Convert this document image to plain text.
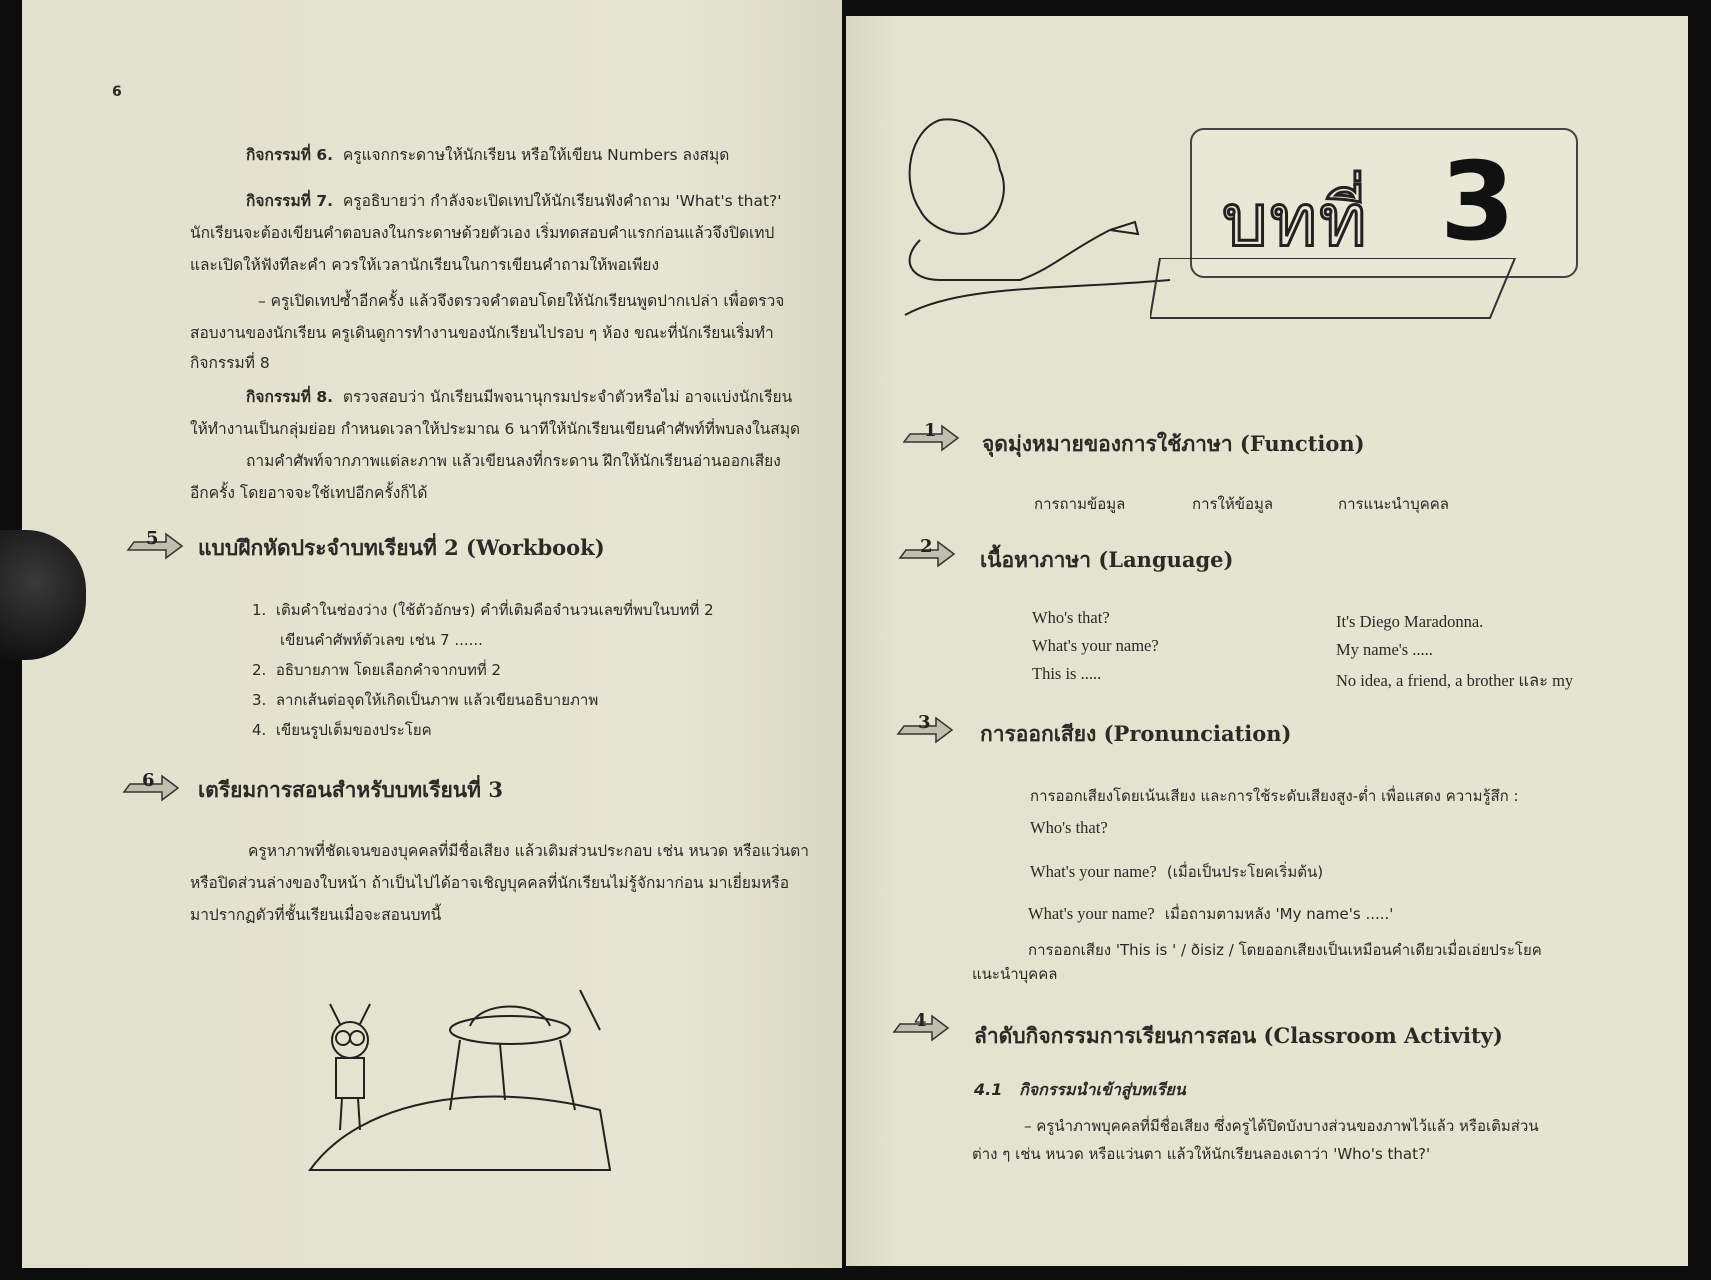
6
กิจกรรมที่ 6. ครูแจกกระดาษให้นักเรียน หรือให้เขียน Numbers ลงสมุด
กิจกรรมที่ 7. ครูอธิบายว่า กำลังจะเปิดเทปให้นักเรียนฟังคำถาม 'What's that?'
นักเรียนจะต้องเขียนคำตอบลงในกระดาษด้วยตัวเอง เริ่มทดสอบคำแรกก่อนแล้วจึงปิดเทป
และเปิดให้ฟังทีละคำ ควรให้เวลานักเรียนในการเขียนคำถามให้พอเพียง
– ครูเปิดเทปซ้ำอีกครั้ง แล้วจึงตรวจคำตอบโดยให้นักเรียนพูดปากเปล่า เพื่อตรวจ
สอบงานของนักเรียน ครูเดินดูการทำงานของนักเรียนไปรอบ ๆ ห้อง ขณะที่นักเรียนเริ่มทำ
กิจกรรมที่ 8
กิจกรรมที่ 8. ตรวจสอบว่า นักเรียนมีพจนานุกรมประจำตัวหรือไม่ อาจแบ่งนักเรียน
ให้ทำงานเป็นกลุ่มย่อย กำหนดเวลาให้ประมาณ 6 นาทีให้นักเรียนเขียนคำศัพท์ที่พบลงในสมุด
ถามคำศัพท์จากภาพแต่ละภาพ แล้วเขียนลงที่กระดาน ฝึกให้นักเรียนอ่านออกเสียง
อีกครั้ง โดยอาจจะใช้เทปอีกครั้งก็ได้
5 แบบฝึกหัดประจำบทเรียนที่ 2 (Workbook)
1. เติมคำในช่องว่าง (ใช้ตัวอักษร) คำที่เติมคือจำนวนเลขที่พบในบทที่ 2
เขียนคำศัพท์ตัวเลข เช่น 7 ......
2. อธิบายภาพ โดยเลือกคำจากบทที่ 2
3. ลากเส้นต่อจุดให้เกิดเป็นภาพ แล้วเขียนอธิบายภาพ
4. เขียนรูปเต็มของประโยค
6 เตรียมการสอนสำหรับบทเรียนที่ 3
ครูหาภาพที่ชัดเจนของบุคคลที่มีชื่อเสียง แล้วเติมส่วนประกอบ เช่น หนวด หรือแว่นตา
หรือปิดส่วนล่างของใบหน้า ถ้าเป็นไปได้อาจเชิญบุคคลที่นักเรียนไม่รู้จักมาก่อน มาเยี่ยมหรือ
มาปรากฏตัวที่ชั้นเรียนเมื่อจะสอนบทนี้
บทที่ 3
1
จุดมุ่งหมายของการใช้ภาษา (Function)
การถามข้อมูล	การให้ข้อมูล	การแนะนำบุคคล
2
เนื้อหาภาษา (Language)
Who's that?
What's your name?
This is .....
It's Diego Maradonna.
My name's .....
No idea, a friend, a brother และ my
3 การออกเสียง (Pronunciation)
การออกเสียงโดยเน้นเสียง และการใช้ระดับเสียงสูง-ต่ำ เพื่อแสดง ความรู้สึก :
Who's that?
What's your name? (เมื่อเป็นประโยคเริ่มต้น)
What's your name? เมื่อถามตามหลัง 'My name's .....'
การออกเสียง 'This is ' / ðisiz / โดยออกเสียงเป็นเหมือนคำเดียวเมื่อเอ่ยประโยค
แนะนำบุคคล
4
ลำดับกิจกรรมการเรียนการสอน (Classroom Activity)
4.1 กิจกรรมนำเข้าสู่บทเรียน
– ครูนำภาพบุคคลที่มีชื่อเสียง ซึ่งครูได้ปิดบังบางส่วนของภาพไว้แล้ว หรือเติมส่วน
ต่าง ๆ เช่น หนวด หรือแว่นตา แล้วให้นักเรียนลองเดาว่า 'Who's that?'
